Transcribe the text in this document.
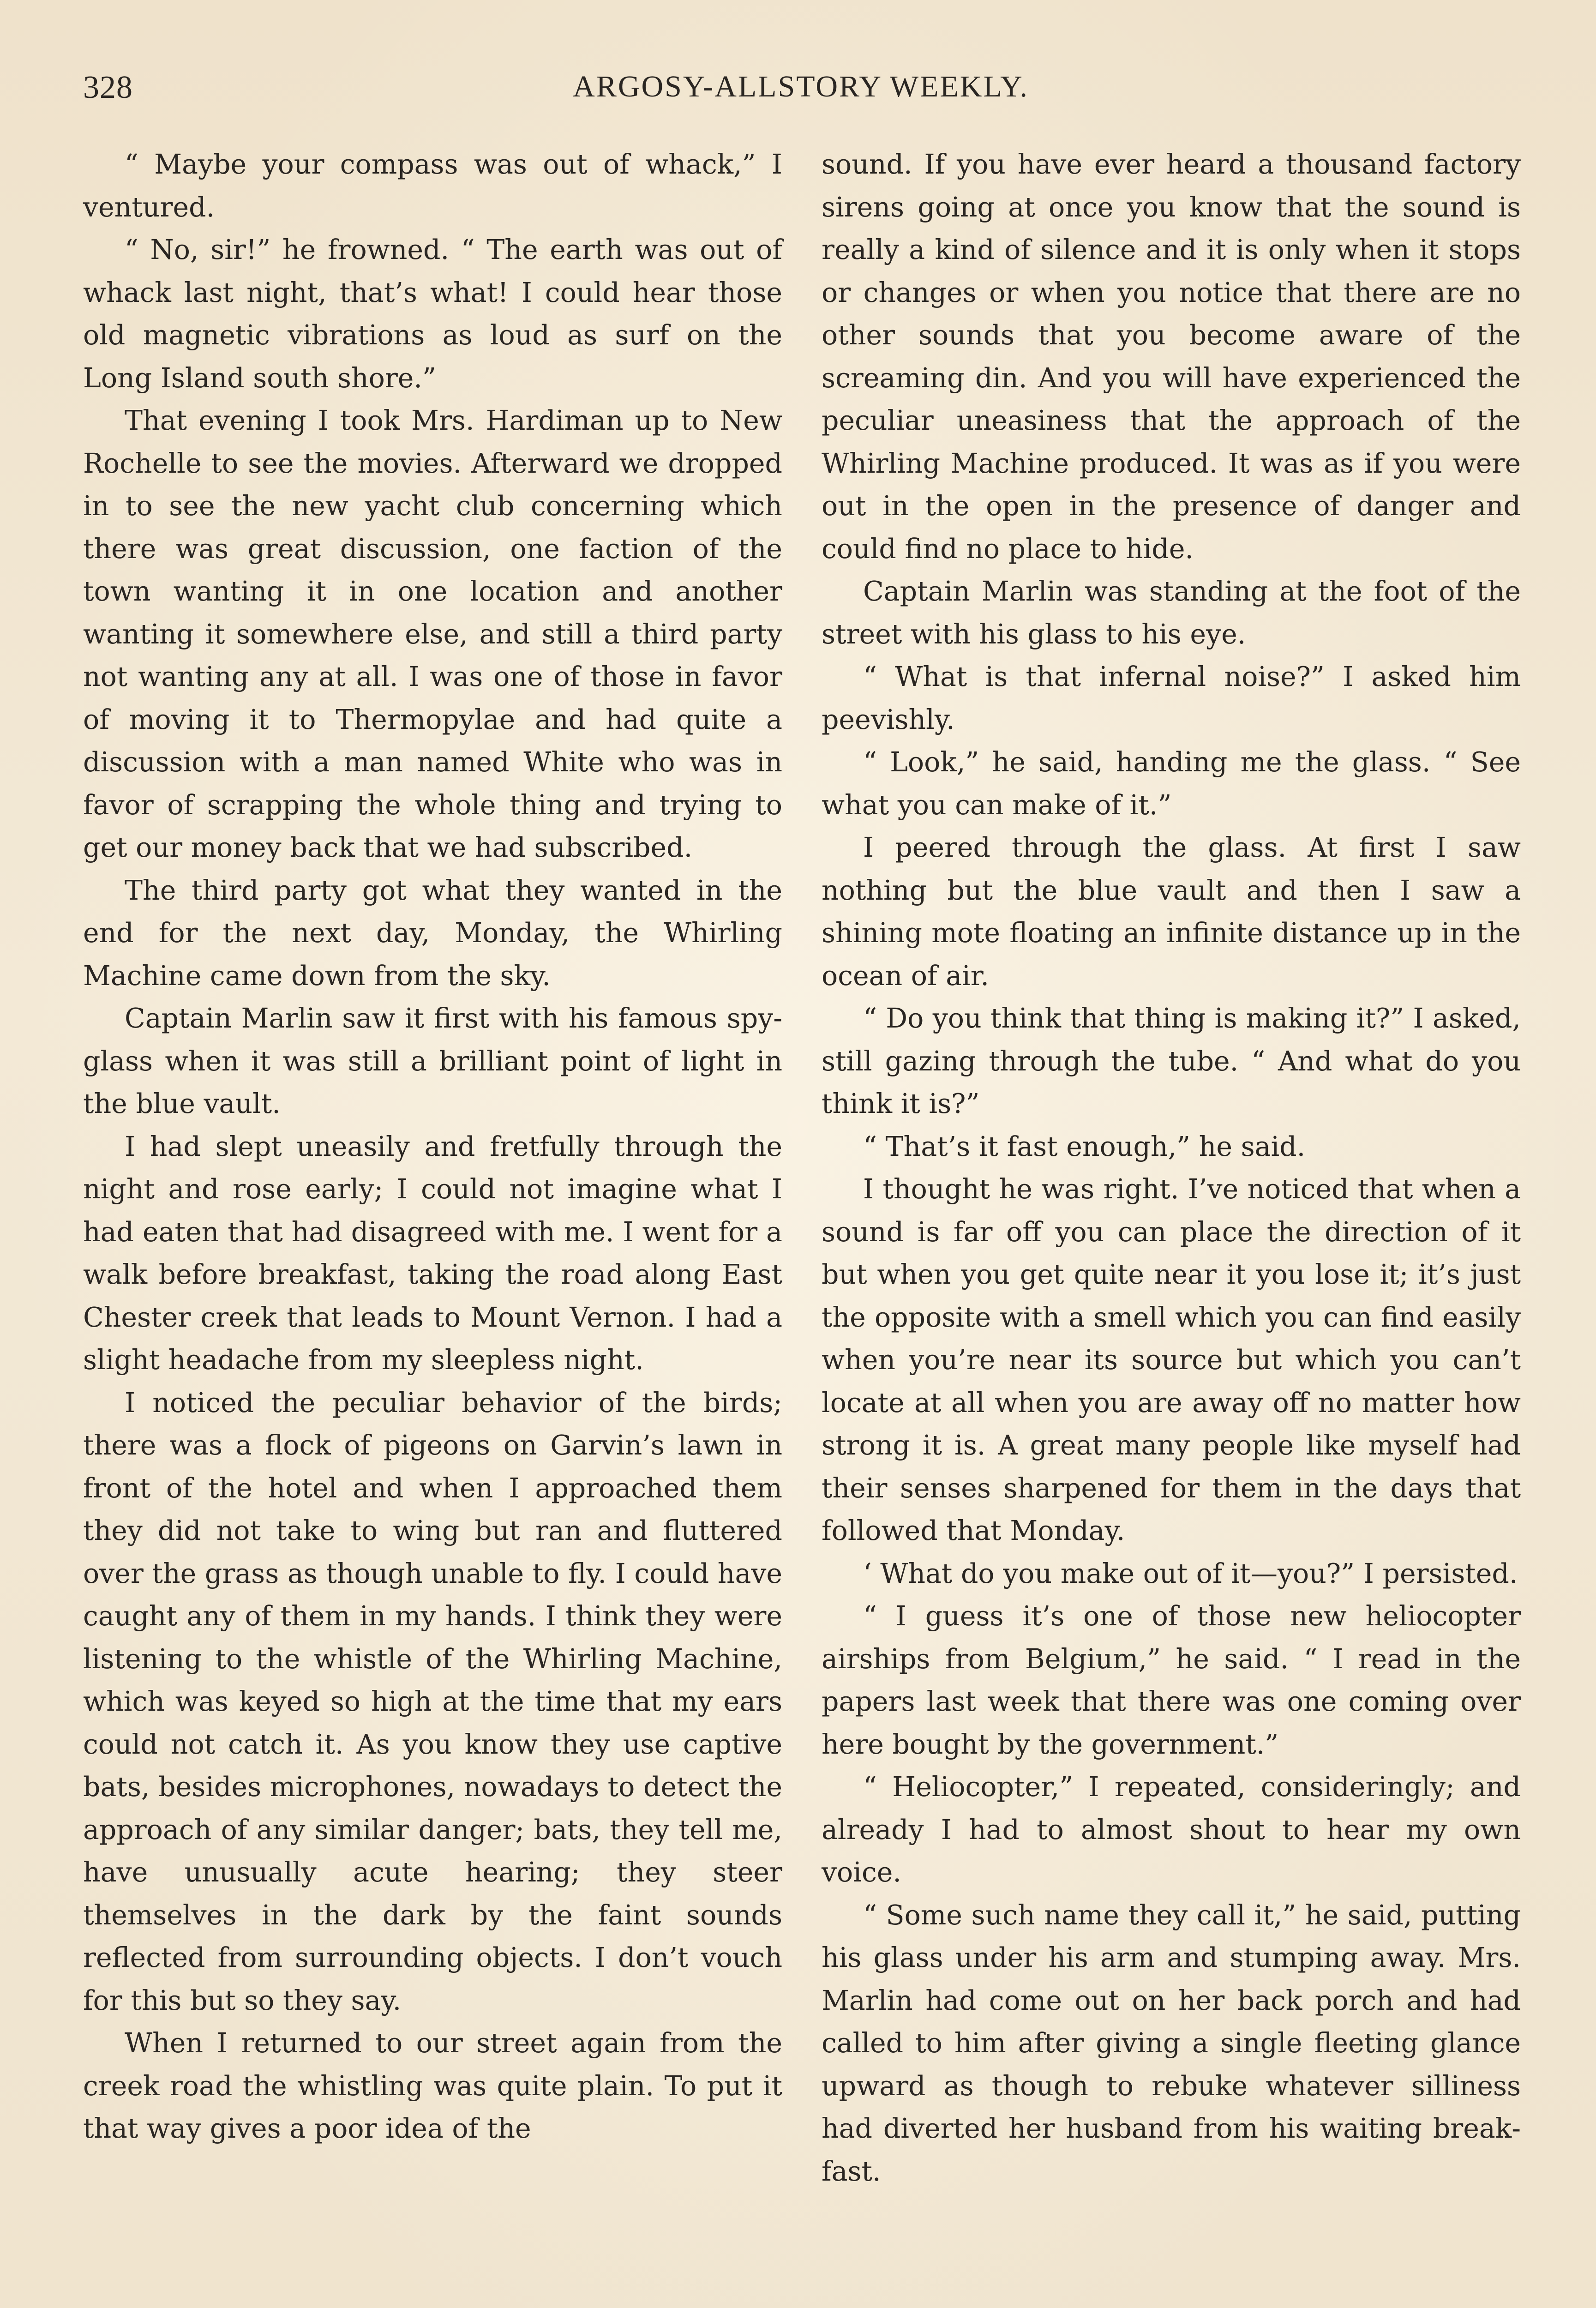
328	ARGOSY-ALLSTORY WEEKLY.

“ Maybe your compass was out of whack,” I ventured.

“ No, sir!” he frowned. “ The earth was out of whack last night, that’s what! I could hear those old magnetic vibrations as loud as surf on the Long Island south shore.”

That evening I took Mrs. Hardiman up to New Rochelle to see the movies. Afterward we dropped in to see the new yacht club concerning which there was great discussion, one faction of the town wanting it in one location and another wanting it somewhere else, and still a third party not wanting any at all. I was one of those in favor of moving it to Thermopylae and had quite a discussion with a man named White who was in favor of scrapping the whole thing and trying to get our money back that we had subscribed.

The third party got what they wanted in the end for the next day, Monday, the Whirling Machine came down from the sky.

Captain Marlin saw it first with his famous spy-glass when it was still a brilliant point of light in the blue vault.

I had slept uneasily and fretfully through the night and rose early; I could not imagine what I had eaten that had disagreed with me. I went for a walk before breakfast, taking the road along East Chester creek that leads to Mount Vernon. I had a slight headache from my sleepless night.

I noticed the peculiar behavior of the birds; there was a flock of pigeons on Garvin’s lawn in front of the hotel and when I approached them they did not take to wing but ran and fluttered over the grass as though unable to fly. I could have caught any of them in my hands. I think they were listening to the whistle of the Whirling Machine, which was keyed so high at the time that my ears could not catch it. As you know they use captive bats, besides microphones, nowadays to detect the approach of any similar danger; bats, they tell me, have unusually acute hearing; they steer themselves in the dark by the faint sounds reflected from surrounding objects. I don’t vouch for this but so they say.

When I returned to our street again from the creek road the whistling was quite plain. To put it that way gives a poor idea of the

sound. If you have ever heard a thousand factory sirens going at once you know that the sound is really a kind of silence and it is only when it stops or changes or when you notice that there are no other sounds that you become aware of the screaming din. And you will have experienced the peculiar uneasiness that the approach of the Whirling Machine produced. It was as if you were out in the open in the presence of danger and could find no place to hide.

Captain Marlin was standing at the foot of the street with his glass to his eye.

“ What is that infernal noise?” I asked him peevishly.

“ Look,” he said, handing me the glass. “ See what you can make of it.”

I peered through the glass. At first I saw nothing but the blue vault and then I saw a shining mote floating an infinite distance up in the ocean of air.

“ Do you think that thing is making it?” I asked, still gazing through the tube. “ And what do you think it is?”

“ That’s it fast enough,” he said.

I thought he was right. I’ve noticed that when a sound is far off you can place the direction of it but when you get quite near it you lose it; it’s just the opposite with a smell which you can find easily when you’re near its source but which you can’t locate at all when you are away off no matter how strong it is. A great many people like myself had their senses sharpened for them in the days that followed that Monday.

‘ What do you make out of it—you?” I persisted.

“ I guess it’s one of those new heliocopter airships from Belgium,” he said. “ I read in the papers last week that there was one coming over here bought by the government.”

“ Heliocopter,” I repeated, consideringly; and already I had to almost shout to hear my own voice.

“ Some such name they call it,” he said, putting his glass under his arm and stumping away. Mrs. Marlin had come out on her back porch and had called to him after giving a single fleeting glance upward as though to rebuke whatever silliness had diverted her husband from his waiting breakfast.
